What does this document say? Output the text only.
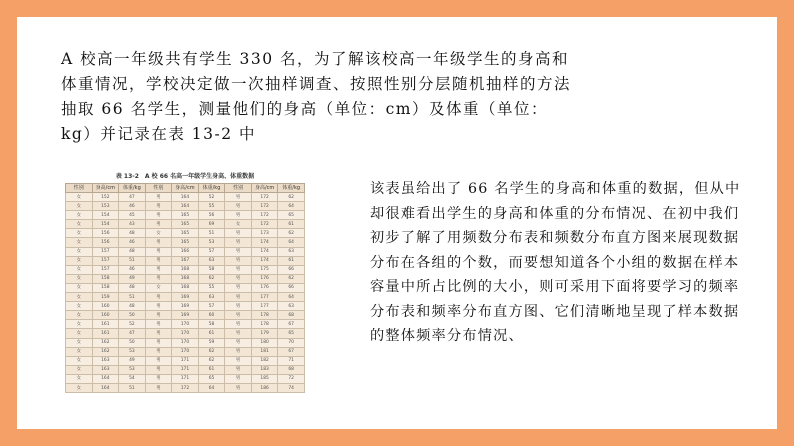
A 校高一年级共有学生 330 名，为了解该校高一年级学生的身高和

体重情况，学校决定做一次抽样调查、按照性别分层随机抽样的方法

抽取 66 名学生，测量他们的身高（单位：cm）及体重（单位：

kg）并记录在表 13-2 中

表 13-2　A 校 66 名高一年级学生身高、体重数据
性别	身高/cm	体重/kg	性别	身高/cm	体重/kg	性别	身高/cm	体重/kg
女	152	47	男	164	52	男	172	62
女	153	46	男	164	55	男	172	64
女	154	45	男	165	56	男	172	65
女	154	43	男	165	69	女	172	61
女	156	48	女	165	51	男	173	62
女	156	46	男	165	53	男	174	64
女	157	48	男	166	57	男	174	63
女	157	51	男	167	63	男	174	61
女	157	46	男	168	58	男	175	66
女	158	49	男	168	62	男	176	62
女	158	48	女	168	55	男	176	66
女	159	51	男	169	63	男	177	64
女	160	48	男	169	57	男	177	63
女	160	50	男	169	60	男	178	68
女	161	52	男	170	58	男	178	67
女	161	47	男	170	61	男	179	65
女	162	50	男	170	59	男	180	70
女	162	53	男	170	62	男	181	67
女	163	49	男	171	62	男	182	71
女	163	53	男	171	61	男	183	68
女	164	54	男	171	65	男	185	72
女	164	51	男	172	64	男	186	74
该表虽给出了 66 名学生的身高和体重的数据，但从中却很难看出学生的身高和体重的分布情况、在初中我们初步了解了用频数分布表和频数分布直方图来展现数据分布在各组的个数，而要想知道各个小组的数据在样本容量中所占比例的大小，则可采用下面将要学习的频率分布表和频率分布直方图、它们清晰地呈现了样本数据的整体频率分布情况、
